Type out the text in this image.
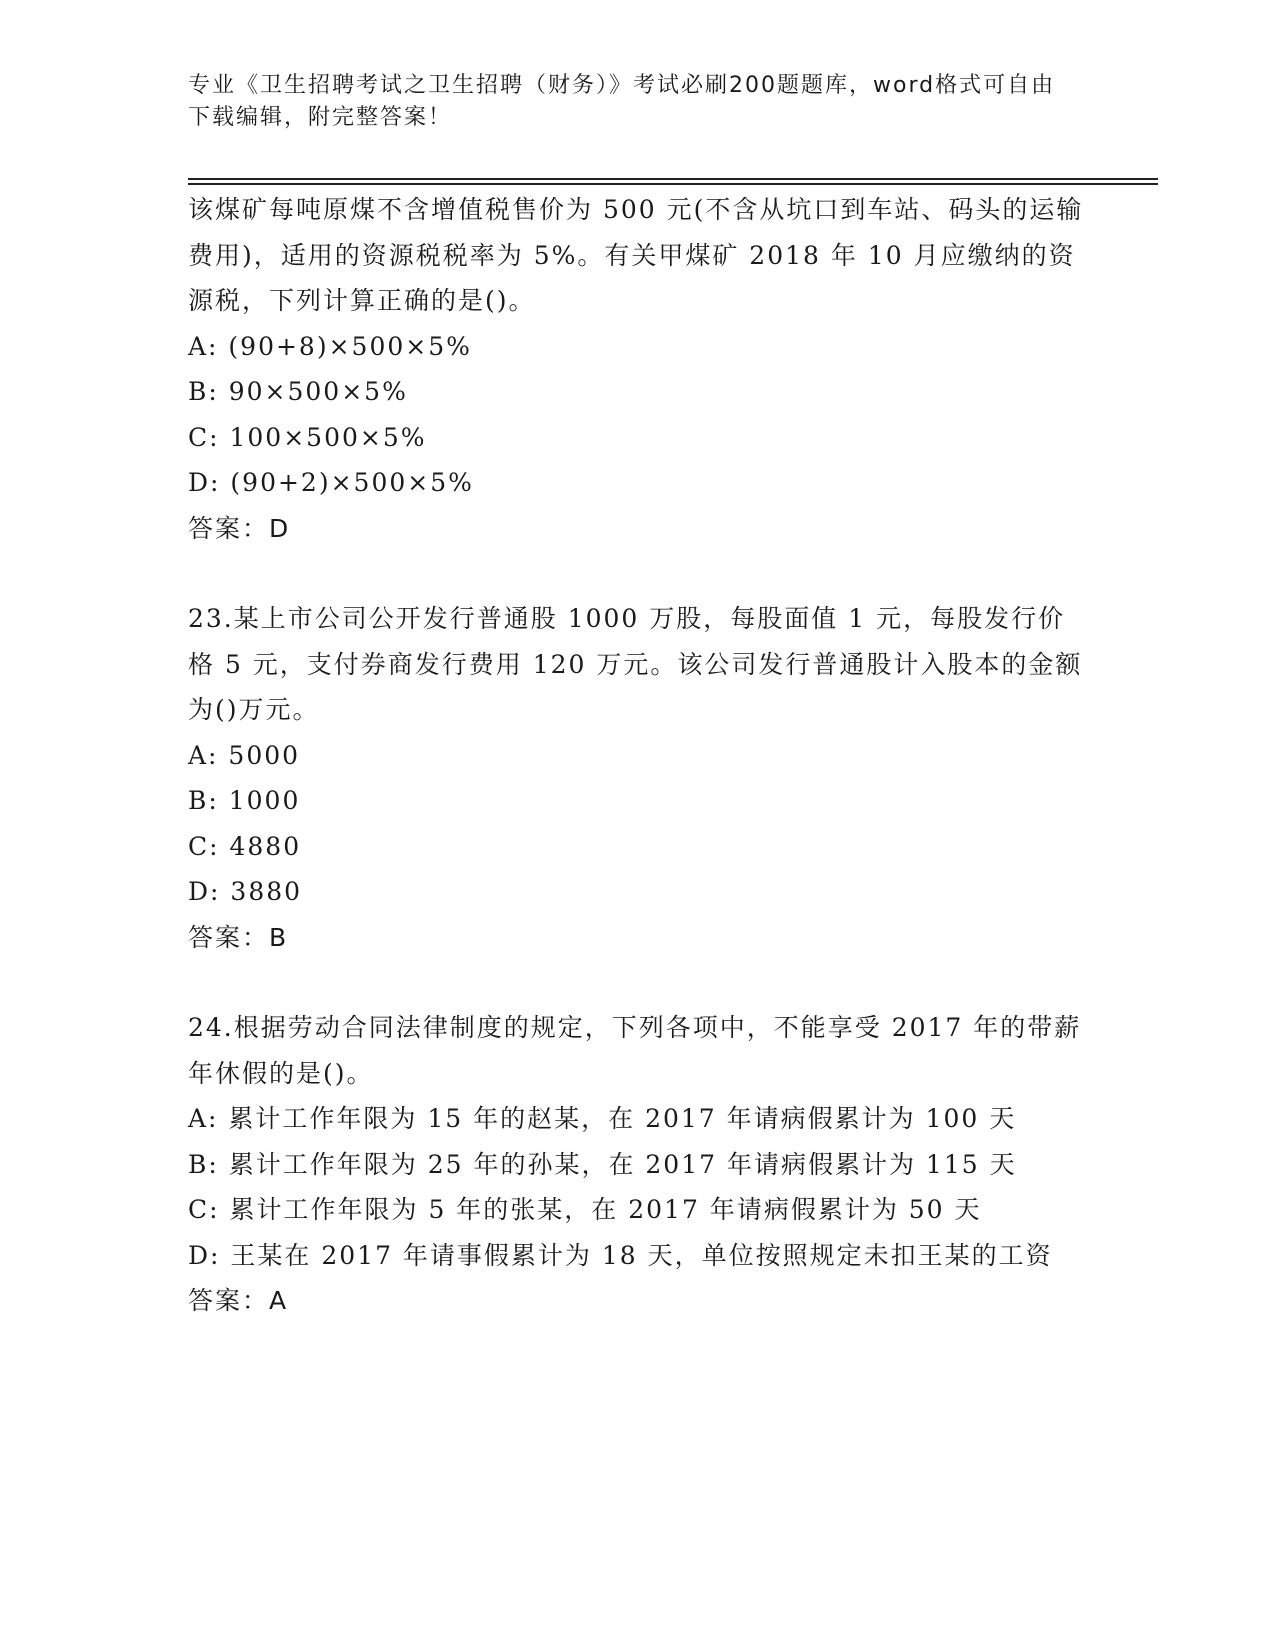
专业《卫生招聘考试之卫生招聘（财务）》考试必刷200题题库，word格式可自由下载编辑，附完整答案！
该煤矿每吨原煤不含增值税售价为 500 元(不含从坑口到车站、码头的运输费用)，适用的资源税税率为 5%。有关甲煤矿 2018 年 10 月应缴纳的资源税，下列计算正确的是()。
A: (90+8)×500×5%
B: 90×500×5%
C: 100×500×5%
D: (90+2)×500×5%
答案：D
23.某上市公司公开发行普通股 1000 万股，每股面值 1 元，每股发行价格 5 元，支付券商发行费用 120 万元。该公司发行普通股计入股本的金额为()万元。
A: 5000
B: 1000
C: 4880
D: 3880
答案：B
24.根据劳动合同法律制度的规定，下列各项中，不能享受 2017 年的带薪年休假的是()。
A: 累计工作年限为 15 年的赵某，在 2017 年请病假累计为 100 天
B: 累计工作年限为 25 年的孙某，在 2017 年请病假累计为 115 天
C: 累计工作年限为 5 年的张某，在 2017 年请病假累计为 50 天
D: 王某在 2017 年请事假累计为 18 天，单位按照规定未扣王某的工资
答案：A
